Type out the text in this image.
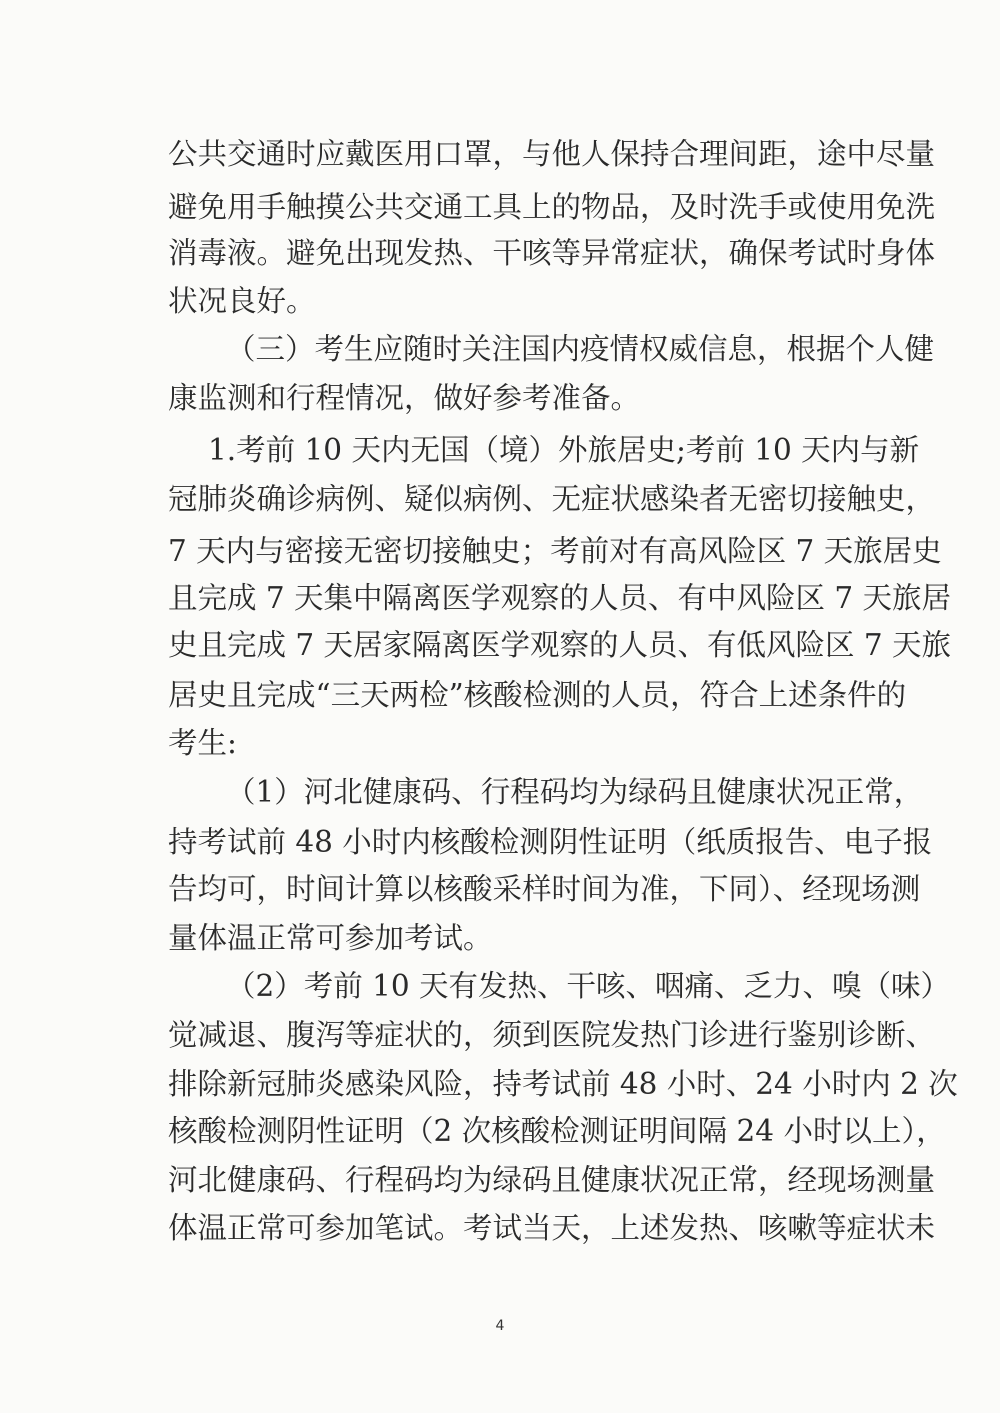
公共交通时应戴医用口罩，与他人保持合理间距，途中尽量
避免用手触摸公共交通工具上的物品，及时洗手或使用免洗
消毒液。避免出现发热、干咳等异常症状，确保考试时身体
状况良好。
（三）考生应随时关注国内疫情权威信息，根据个人健
康监测和行程情况，做好参考准备。
1.考前 10 天内无国（境）外旅居史;考前 10 天内与新
冠肺炎确诊病例、疑似病例、无症状感染者无密切接触史，
7 天内与密接无密切接触史；考前对有高风险区 7 天旅居史
且完成 7 天集中隔离医学观察的人员、有中风险区 7 天旅居
史且完成 7 天居家隔离医学观察的人员、有低风险区 7 天旅
居史且完成“三天两检”核酸检测的人员，符合上述条件的
考生:
（1）河北健康码、行程码均为绿码且健康状况正常，
持考试前 48 小时内核酸检测阴性证明（纸质报告、电子报
告均可，时间计算以核酸采样时间为准，下同）、经现场测
量体温正常可参加考试。
（2）考前 10 天有发热、干咳、咽痛、乏力、嗅（味）
觉减退、腹泻等症状的，须到医院发热门诊进行鉴别诊断、
排除新冠肺炎感染风险，持考试前 48 小时、24 小时内 2 次
核酸检测阴性证明（2 次核酸检测证明间隔 24 小时以上），
河北健康码、行程码均为绿码且健康状况正常，经现场测量
体温正常可参加笔试。考试当天，上述发热、咳嗽等症状未
4
